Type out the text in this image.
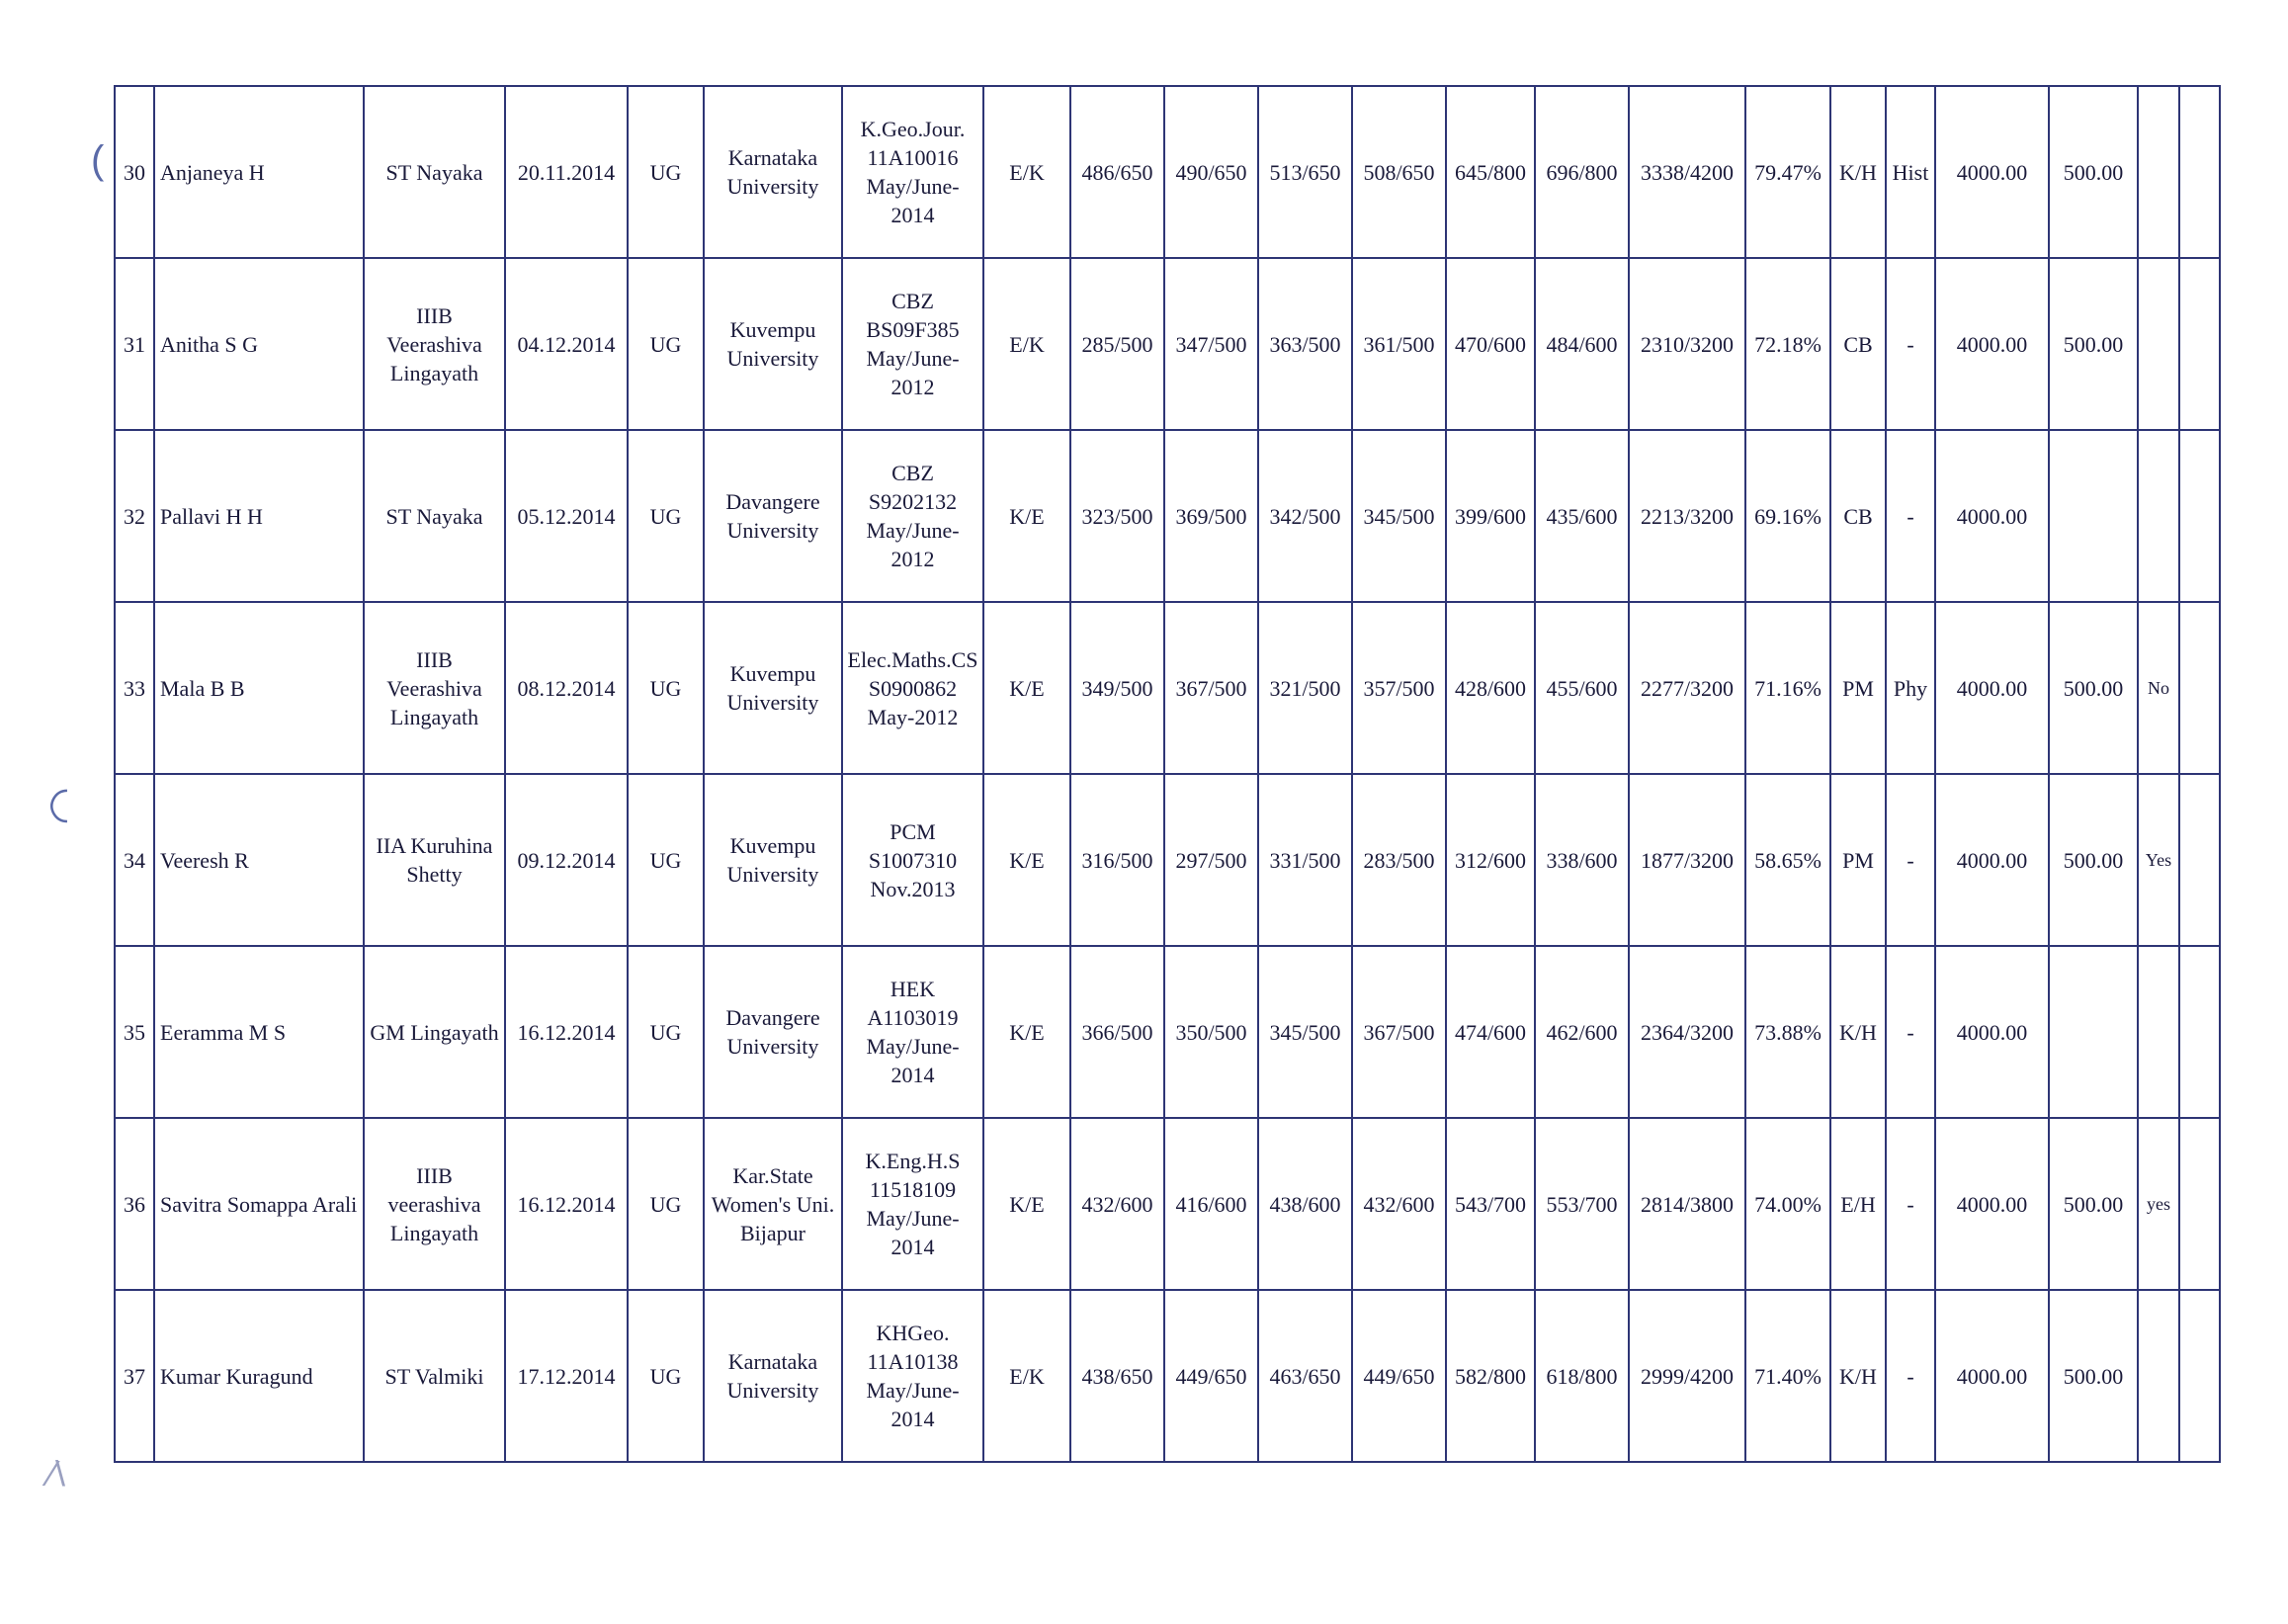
(
◡
⁄\
30	Anjaneya H	ST Nayaka	20.11.2014	UG	Karnataka University	K.Geo.Jour. 11A10016 May/June-2014	E/K	486/650	490/650	513/650	508/650	645/800	696/800	3338/4200	79.47%	K/H	Hist	4000.00	500.00		
31	Anitha S G	IIIB Veerashiva Lingayath	04.12.2014	UG	Kuvempu University	CBZ BS09F385 May/June-2012	E/K	285/500	347/500	363/500	361/500	470/600	484/600	2310/3200	72.18%	CB	-	4000.00	500.00		
32	Pallavi H H	ST Nayaka	05.12.2014	UG	Davangere University	CBZ S9202132 May/June-2012	K/E	323/500	369/500	342/500	345/500	399/600	435/600	2213/3200	69.16%	CB	-	4000.00			
33	Mala B B	IIIB Veerashiva Lingayath	08.12.2014	UG	Kuvempu University	Elec.Maths.CS S0900862 May-2012	K/E	349/500	367/500	321/500	357/500	428/600	455/600	2277/3200	71.16%	PM	Phy	4000.00	500.00	No	
34	Veeresh R	IIA Kuruhina Shetty	09.12.2014	UG	Kuvempu University	PCM S1007310 Nov.2013	K/E	316/500	297/500	331/500	283/500	312/600	338/600	1877/3200	58.65%	PM	-	4000.00	500.00	Yes	
35	Eeramma M S	GM Lingayath	16.12.2014	UG	Davangere University	HEK A1103019 May/June-2014	K/E	366/500	350/500	345/500	367/500	474/600	462/600	2364/3200	73.88%	K/H	-	4000.00			
36	Savitra Somappa Arali	IIIB veerashiva Lingayath	16.12.2014	UG	Kar.State Women's Uni. Bijapur	K.Eng.H.S 11518109 May/June-2014	K/E	432/600	416/600	438/600	432/600	543/700	553/700	2814/3800	74.00%	E/H	-	4000.00	500.00	yes	
37	Kumar Kuragund	ST Valmiki	17.12.2014	UG	Karnataka University	KHGeo. 11A10138 May/June-2014	E/K	438/650	449/650	463/650	449/650	582/800	618/800	2999/4200	71.40%	K/H	-	4000.00	500.00		
